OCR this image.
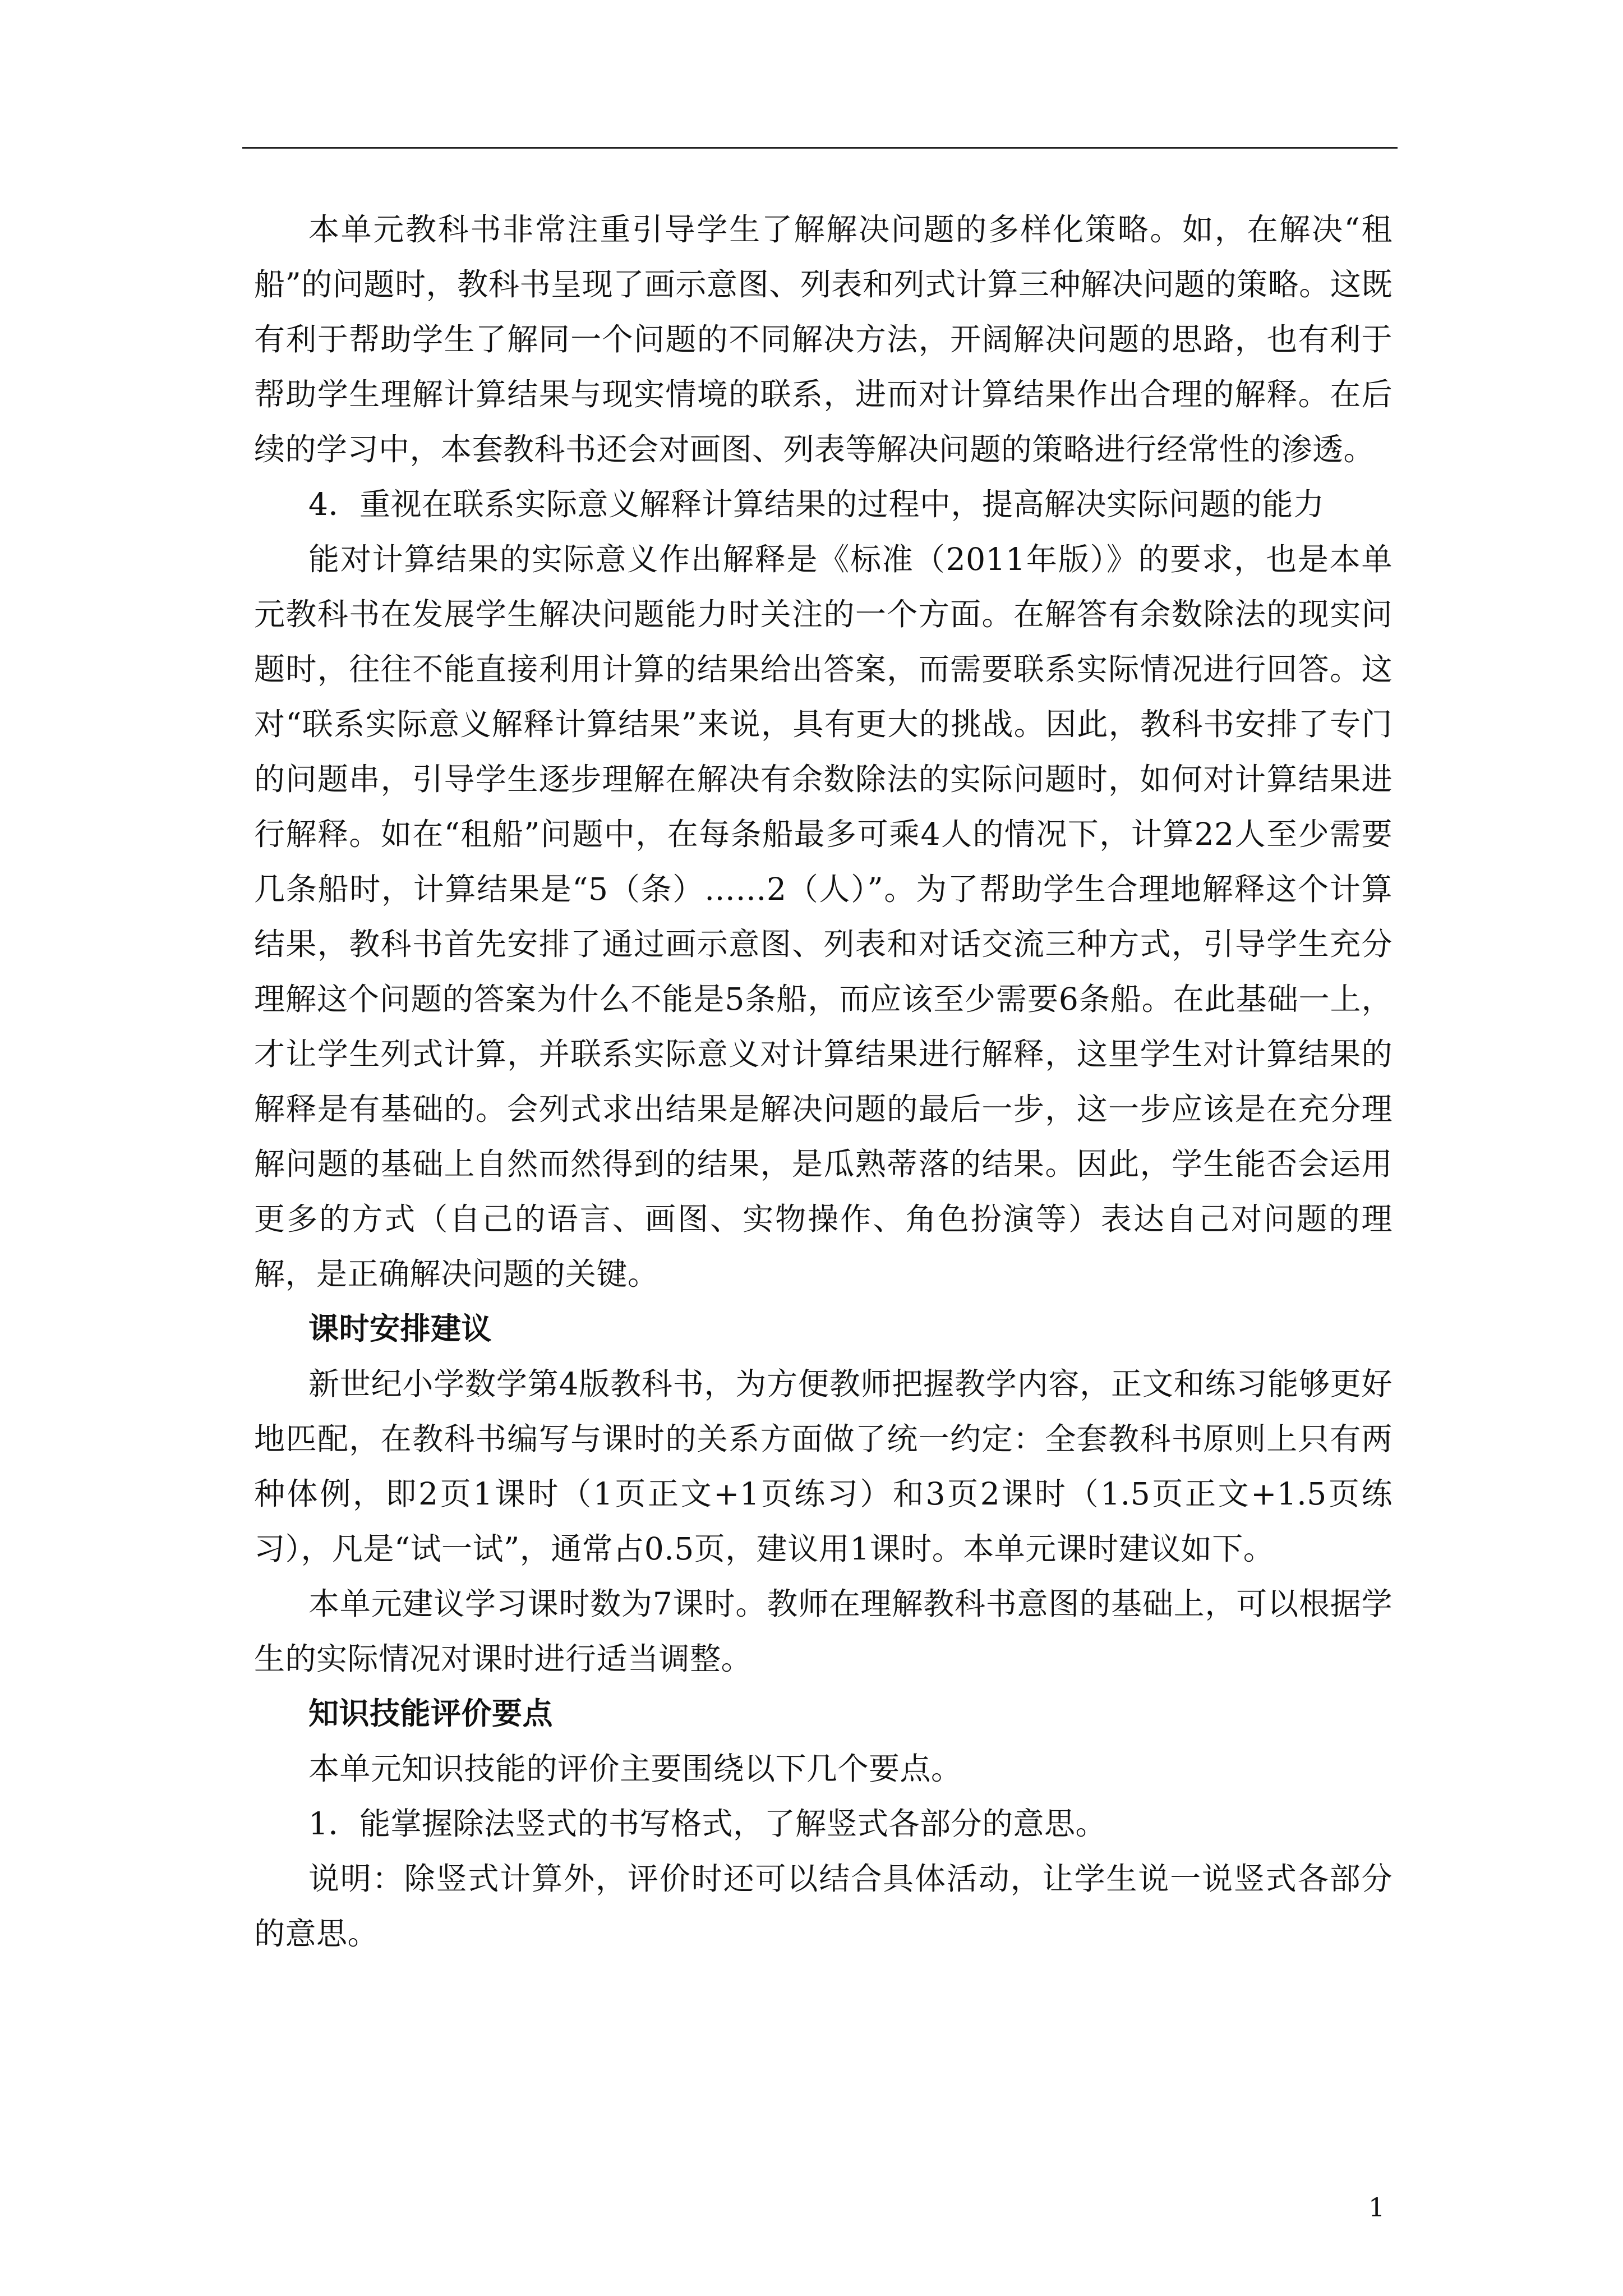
本单元教科书非常注重引导学生了解解决问题的多样化策略。如，在解决“租船”的问题时，教科书呈现了画示意图、列表和列式计算三种解决问题的策略。这既有利于帮助学生了解同一个问题的不同解决方法，开阔解决问题的思路，也有利于帮助学生理解计算结果与现实情境的联系，进而对计算结果作出合理的解释。在后续的学习中，本套教科书还会对画图、列表等解决问题的策略进行经常性的渗透。

4．重视在联系实际意义解释计算结果的过程中，提高解决实际问题的能力

能对计算结果的实际意义作出解释是《标准（2011年版）》的要求，也是本单元教科书在发展学生解决问题能力时关注的一个方面。在解答有余数除法的现实问题时，往往不能直接利用计算的结果给出答案，而需要联系实际情况进行回答。这对“联系实际意义解释计算结果”来说，具有更大的挑战。因此，教科书安排了专门的问题串，引导学生逐步理解在解决有余数除法的实际问题时，如何对计算结果进行解释。如在“租船”问题中，在每条船最多可乘4人的情况下，计算22人至少需要几条船时，计算结果是“5（条）……2（人）”。为了帮助学生合理地解释这个计算结果，教科书首先安排了通过画示意图、列表和对话交流三种方式，引导学生充分理解这个问题的答案为什么不能是5条船，而应该至少需要6条船。在此基础一上，才让学生列式计算，并联系实际意义对计算结果进行解释，这里学生对计算结果的解释是有基础的。会列式求出结果是解决问题的最后一步，这一步应该是在充分理解问题的基础上自然而然得到的结果，是瓜熟蒂落的结果。因此，学生能否会运用更多的方式（自己的语言、画图、实物操作、角色扮演等）表达自己对问题的理解，是正确解决问题的关键。

课时安排建议

新世纪小学数学第4版教科书，为方便教师把握教学内容，正文和练习能够更好地匹配，在教科书编写与课时的关系方面做了统一约定：全套教科书原则上只有两种体例，即2页1课时（1页正文+1页练习）和3页2课时（1.5页正文+1.5页练习），凡是“试一试”，通常占0.5页，建议用1课时。本单元课时建议如下。

本单元建议学习课时数为7课时。教师在理解教科书意图的基础上，可以根据学生的实际情况对课时进行适当调整。

知识技能评价要点

本单元知识技能的评价主要围绕以下几个要点。

1．能掌握除法竖式的书写格式，了解竖式各部分的意思。

说明：除竖式计算外，评价时还可以结合具体活动，让学生说一说竖式各部分的意思。

1
